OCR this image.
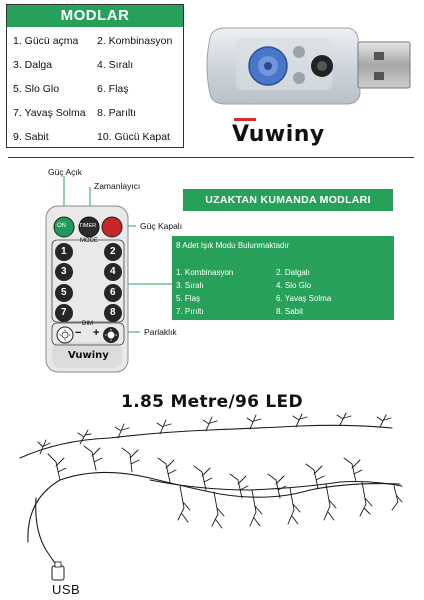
MODLAR
1. Gücü açma 2. Kombinasyon
3. Dalga	4. Sıralı
5. Slo Glo	6. Flaş
7. Yavaş Solma 8. Parıltı
9. Sabit	10. Gücü Kapat	Vuwiny
ON TIMER OFF
MODE
1	2
3	4
5	6
7	8
DIM
− +
Vuwiny
Güç Açık
Zamanlayıcı
Güç Kapalı
Parlaklık
UZAKTAN KUMANDA MODLARI
8 Adet Işık Modu Bulunmaktadır
1. Kombinasyon	2. Dalgalı
3. Sıralı	4. Slo Glo
5. Flaş	6. Yavaş Solma
7. Pırıltı	8. Sabit
1.85 Metre/96 LED
USB
